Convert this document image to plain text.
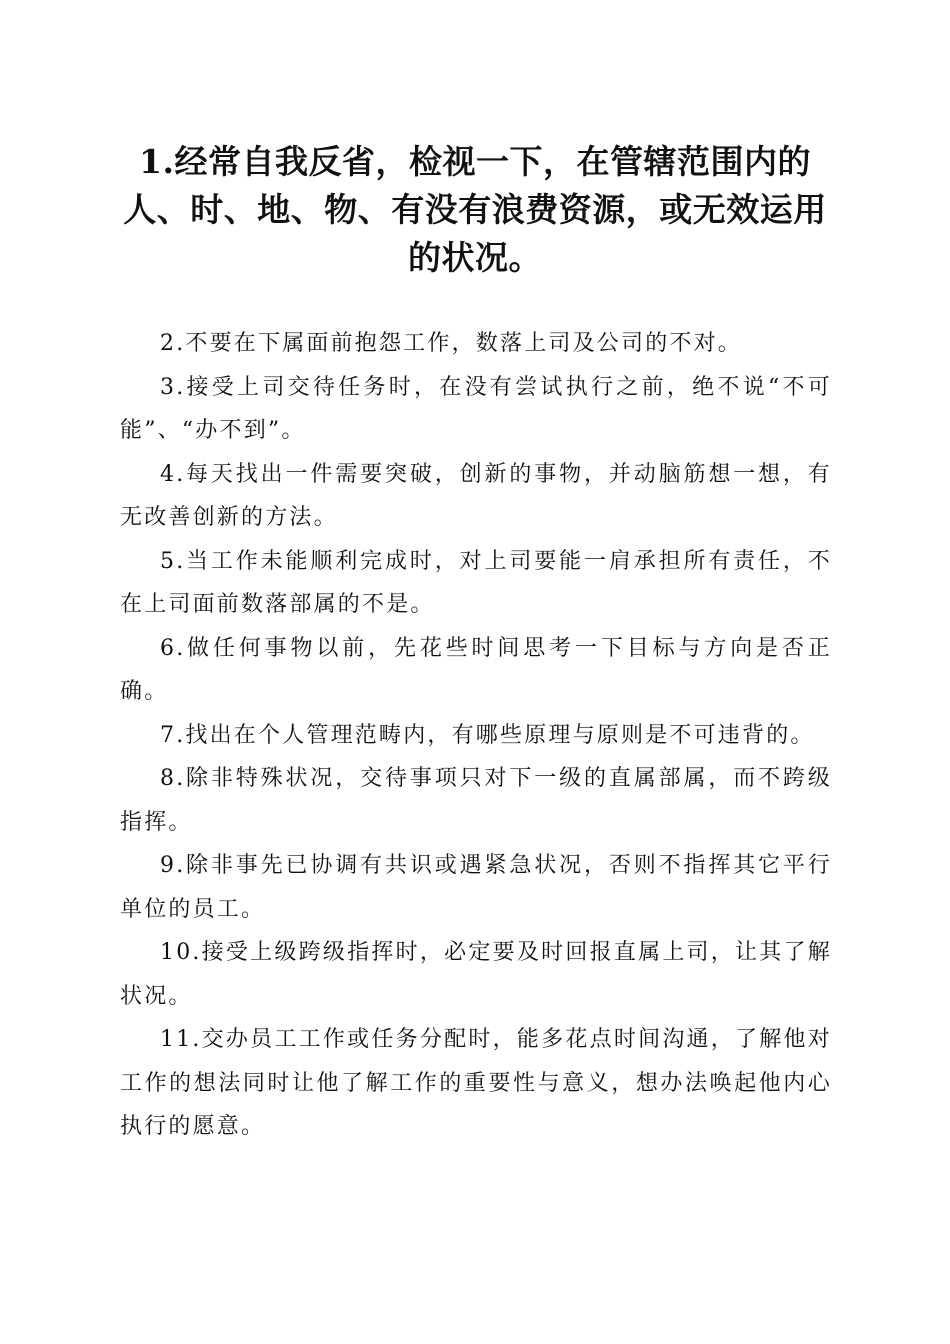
1.经常自我反省，检视一下，在管辖范围内的人、时、地、物、有没有浪费资源，或无效运用的状况。

2.不要在下属面前抱怨工作，数落上司及公司的不对。

3.接受上司交待任务时，在没有尝试执行之前，绝不说“不可能”、“办不到”。

4.每天找出一件需要突破，创新的事物，并动脑筋想一想，有无改善创新的方法。

5.当工作未能顺利完成时，对上司要能一肩承担所有责任，不在上司面前数落部属的不是。

6.做任何事物以前，先花些时间思考一下目标与方向是否正确。

7.找出在个人管理范畴内，有哪些原理与原则是不可违背的。

8.除非特殊状况，交待事项只对下一级的直属部属，而不跨级指挥。

9.除非事先已协调有共识或遇紧急状况，否则不指挥其它平行单位的员工。

10.接受上级跨级指挥时，必定要及时回报直属上司，让其了解状况。

11.交办员工工作或任务分配时，能多花点时间沟通，了解他对工作的想法同时让他了解工作的重要性与意义，想办法唤起他内心执行的愿意。
